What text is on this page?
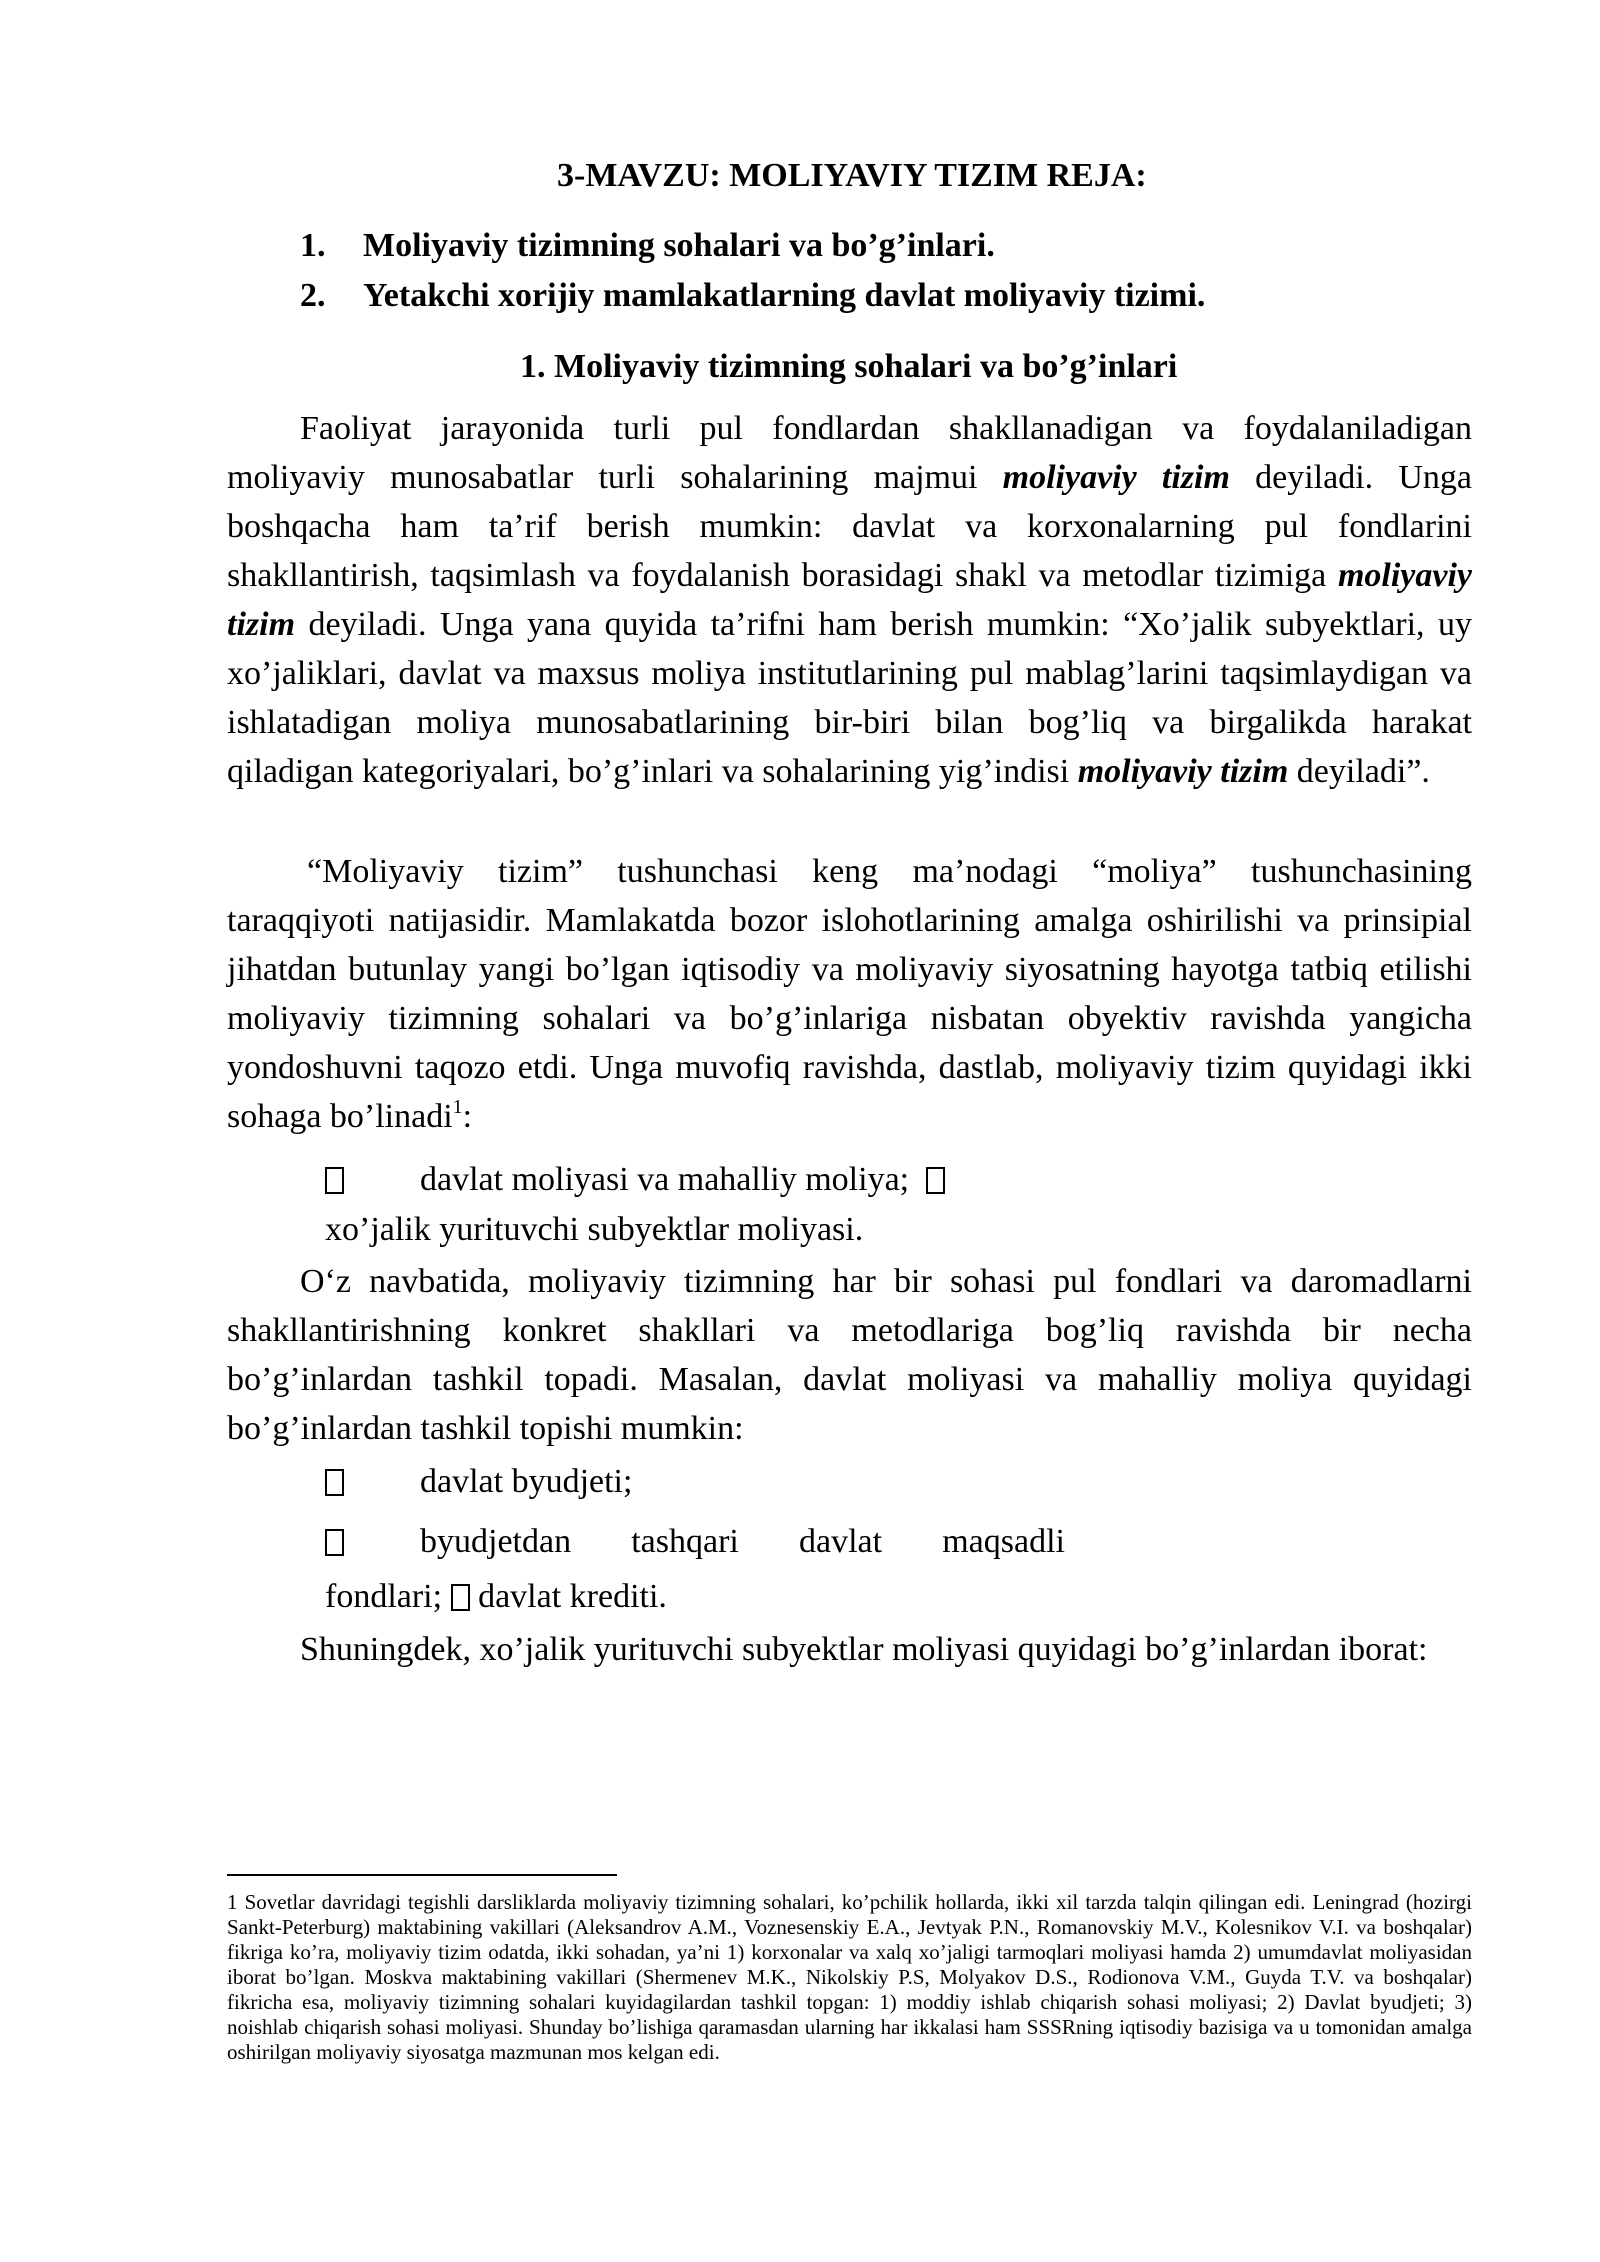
3-MAVZU: MOLIYAVIY TIZIM REJA:
1. Moliyaviy tizimning sohalari va bo’g’inlari.
2. Yetakchi xorijiy mamlakatlarning davlat moliyaviy tizimi.
1. Moliyaviy tizimning sohalari va bo’g’inlari
Faoliyat jarayonida turli pul fondlardan shakllanadigan va foydalaniladigan moliyaviy munosabatlar turli sohalarining majmui moliyaviy tizim deyiladi. Unga boshqacha ham ta’rif berish mumkin: davlat va korxonalarning pul fondlarini shakllantirish, taqsimlash va foydalanish borasidagi shakl va metodlar tizimiga moliyaviy tizim deyiladi. Unga yana quyida ta’rifni ham berish mumkin: “Xo’jalik subyektlari, uy xo’jaliklari, davlat va maxsus moliya institutlarining pul mablag’larini taqsimlaydigan va ishlatadigan moliya munosabatlarining bir-biri bilan bog’liq va birgalikda harakat qiladigan kategoriyalari, bo’g’inlari va sohalarining yig’indisi moliyaviy tizim deyiladi”.
“Moliyaviy tizim” tushunchasi keng ma’nodagi “moliya” tushunchasining taraqqiyoti natijasidir. Mamlakatda bozor islohotlarining amalga oshirilishi va prinsipial jihatdan butunlay yangi bo’lgan iqtisodiy va moliyaviy siyosatning hayotga tatbiq etilishi moliyaviy tizimning sohalari va bo’g’inlariga nisbatan obyektiv ravishda yangicha yondoshuvni taqozo etdi. Unga muvofiq ravishda, dastlab, moliyaviy tizim quyidagi ikki sohaga bo’linadi$^1$:
davlat moliyasi va mahalliy moliya;
xo’jalik yurituvchi subyektlar moliyasi.
O‘z navbatida, moliyaviy tizimning har bir sohasi pul fondlari va daromadlarni shakllantirishning konkret shakllari va metodlariga bog’liq ravishda bir necha bo’g’inlardan tashkil topadi. Masalan, davlat moliyasi va mahalliy moliya quyidagi bo’g’inlardan tashkil topishi mumkin:
davlat byudjeti;
byudjetdan tashqari davlat maqsadli
fondlari; davlat krediti.
Shuningdek, xo’jalik yurituvchi subyektlar moliyasi quyidagi bo’g’inlardan iborat:
1 Sovetlar davridagi tegishli darsliklarda moliyaviy tizimning sohalari, ko’pchilik hollarda, ikki xil tarzda talqin qilingan edi. Leningrad (hozirgi Sankt-Peterburg) maktabining vakillari (Aleksandrov A.M., Voznesenskiy E.A., Jevtyak P.N., Romanovskiy M.V., Kolesnikov V.I. va boshqalar) fikriga ko’ra, moliyaviy tizim odatda, ikki sohadan, ya’ni 1) korxonalar va xalq xo’jaligi tarmoqlari moliyasi hamda 2) umumdavlat moliyasidan iborat bo’lgan. Moskva maktabining vakillari (Shermenev M.K., Nikolskiy P.S, Molyakov D.S., Rodionova V.M., Guyda T.V. va boshqalar) fikricha esa, moliyaviy tizimning sohalari kuyidagilardan tashkil topgan: 1) moddiy ishlab chiqarish sohasi moliyasi; 2) Davlat byudjeti; 3) noishlab chiqarish sohasi moliyasi. Shunday bo’lishiga qaramasdan ularning har ikkalasi ham SSSRning iqtisodiy bazisiga va u tomonidan amalga oshirilgan moliyaviy siyosatga mazmunan mos kelgan edi.
